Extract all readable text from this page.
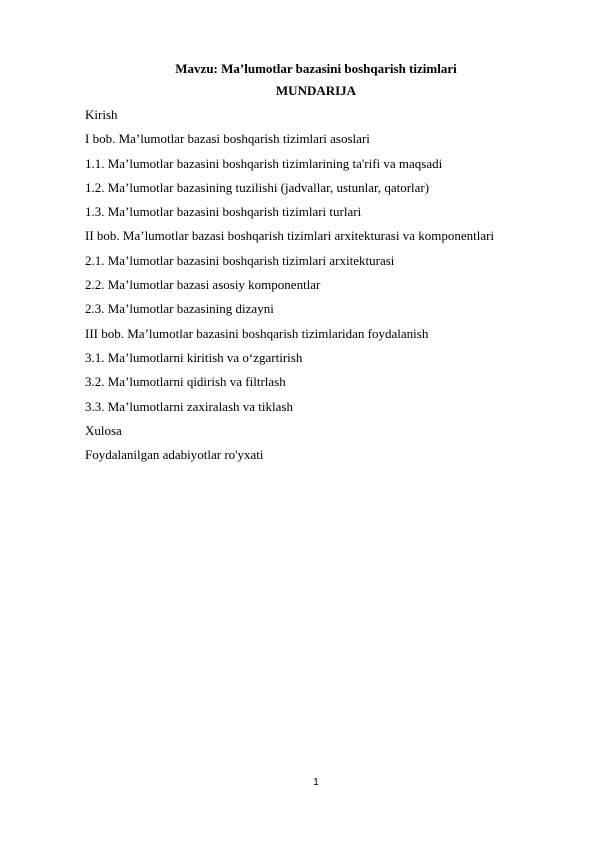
Mavzu: Ma’lumotlar bazasini boshqarish tizimlari
MUNDARIJA
Kirish
I bob. Ma’lumotlar bazasi boshqarish tizimlari asoslari
1.1. Ma’lumotlar bazasini boshqarish tizimlarining ta'rifi va maqsadi
1.2. Ma’lumotlar bazasining tuzilishi (jadvallar, ustunlar, qatorlar)
1.3. Ma’lumotlar bazasini boshqarish tizimlari turlari
II bob. Ma’lumotlar bazasi boshqarish tizimlari arxitekturasi va komponentlari
2.1. Ma’lumotlar bazasini boshqarish tizimlari arxitekturasi
2.2. Ma’lumotlar bazasi asosiy komponentlar
2.3. Ma’lumotlar bazasining dizayni
III bob. Ma’lumotlar bazasini boshqarish tizimlaridan foydalanish
3.1. Ma’lumotlarni kiritish va o‘zgartirish
3.2. Ma’lumotlarni qidirish va filtrlash
3.3. Ma’lumotlarni zaxiralash va tiklash
Xulosa
Foydalanilgan adabiyotlar ro'yxati
1
